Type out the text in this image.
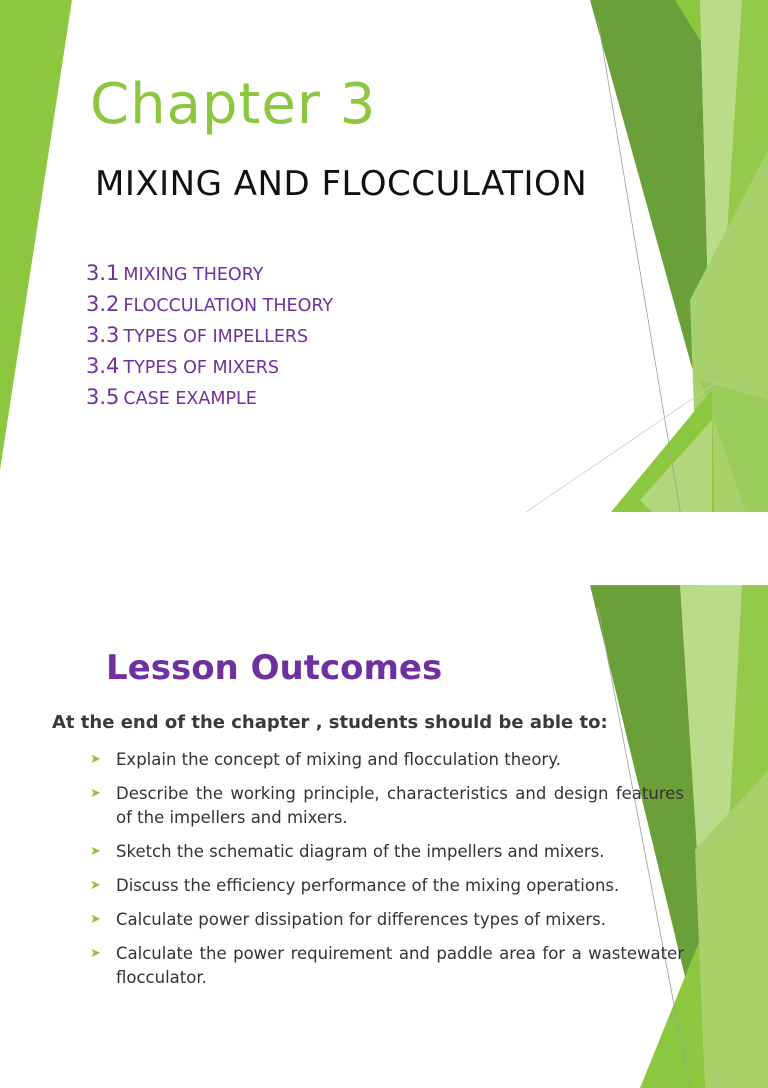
Chapter 3
MIXING AND FLOCCULATION
3.1 MIXING THEORY
3.2 FLOCCULATION THEORY
3.3 TYPES OF IMPELLERS
3.4 TYPES OF MIXERS
3.5 CASE EXAMPLE
Lesson Outcomes
At the end of the chapter , students should be able to:
➤ Explain the concept of mixing and flocculation theory.
➤ Describe the working principle, characteristics and design features of the impellers and mixers.
➤ Sketch the schematic diagram of the impellers and mixers.
➤ Discuss the efficiency performance of the mixing operations.
➤ Calculate power dissipation for differences types of mixers.
➤ Calculate the power requirement and paddle area for a wastewater flocculator.
